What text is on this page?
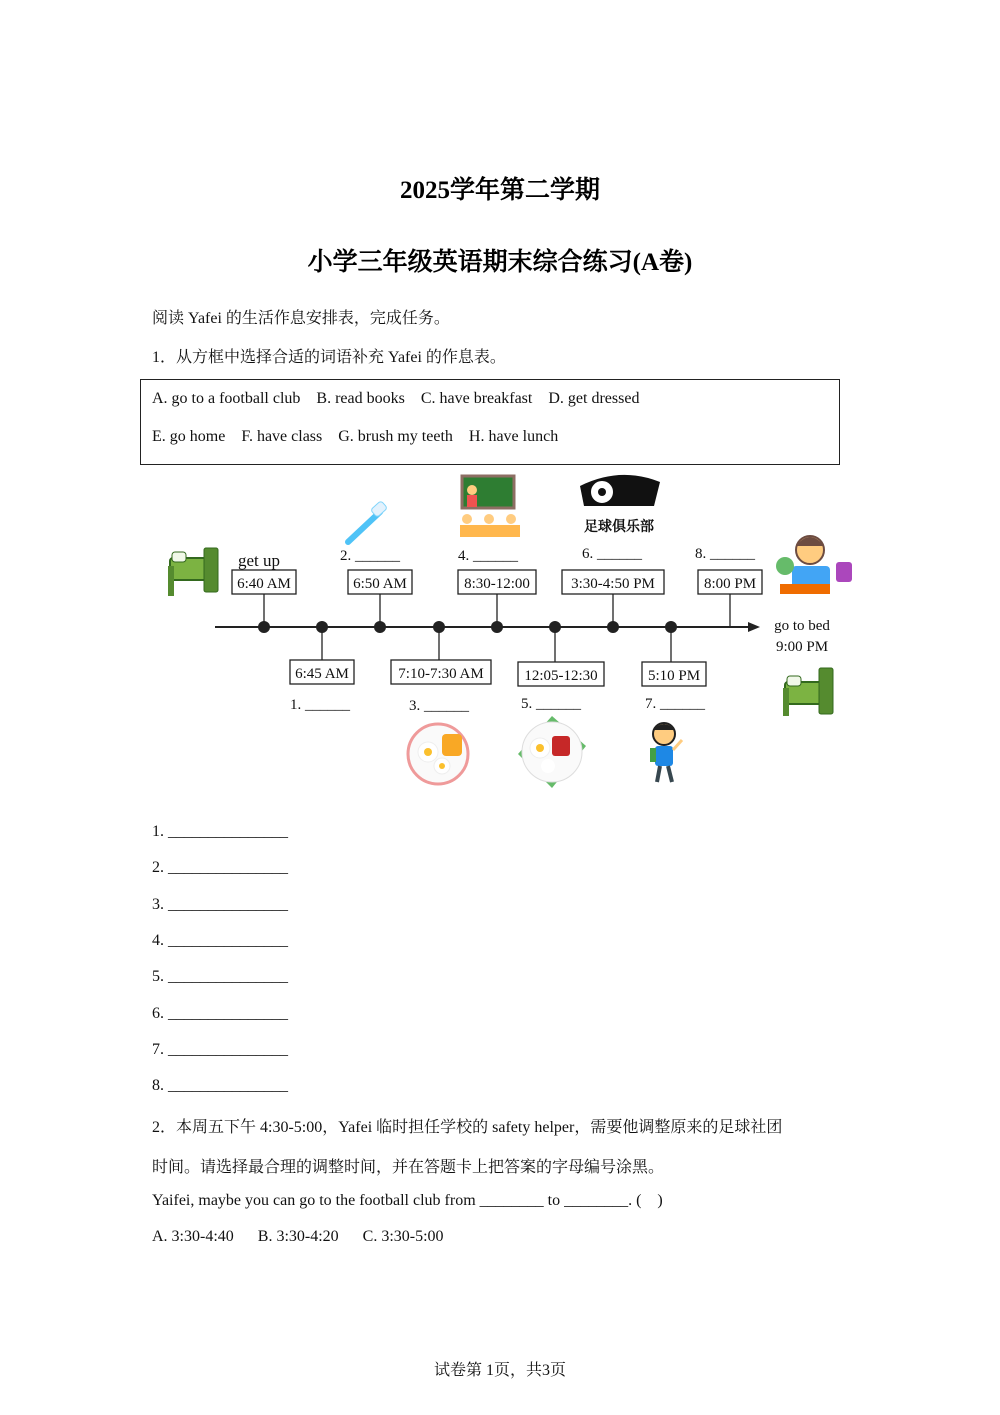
2025学年第二学期
小学三年级英语期末综合练习(A卷)
阅读 Yafei 的生活作息安排表，完成任务。
1．从方框中选择合适的词语补充 Yafei 的作息表。
A. go to a football club    B. read books    C. have breakfast    D. get dressed
E. go home    F. have class    G. brush my teeth    H. have lunch
6:40 AM	6:50 AM	8:30-12:00	3:30-4:50 PM	8:00 PM
6:45 AM	7:10-7:30 AM	12:05-12:30	5:10 PM
get up	2. ______	4. ______	6. ______	8. ______
1. ______	3. ______	5. ______	7. ______
go to bed
9:00 PM
足球俱乐部
1. _______________
2. _______________
3. _______________
4. _______________
5. _______________
6. _______________
7. _______________
8. _______________
2．本周五下午 4:30-5:00，Yafei 临时担任学校的 safety helper，需要他调整原来的足球社团
时间。请选择最合理的调整时间，并在答题卡上把答案的字母编号涂黑。
Yaifei, maybe you can go to the football club from ________ to ________. (    )
A. 3:30-4:40      B. 3:30-4:20      C. 3:30-5:00
试卷第 1页，共3页
